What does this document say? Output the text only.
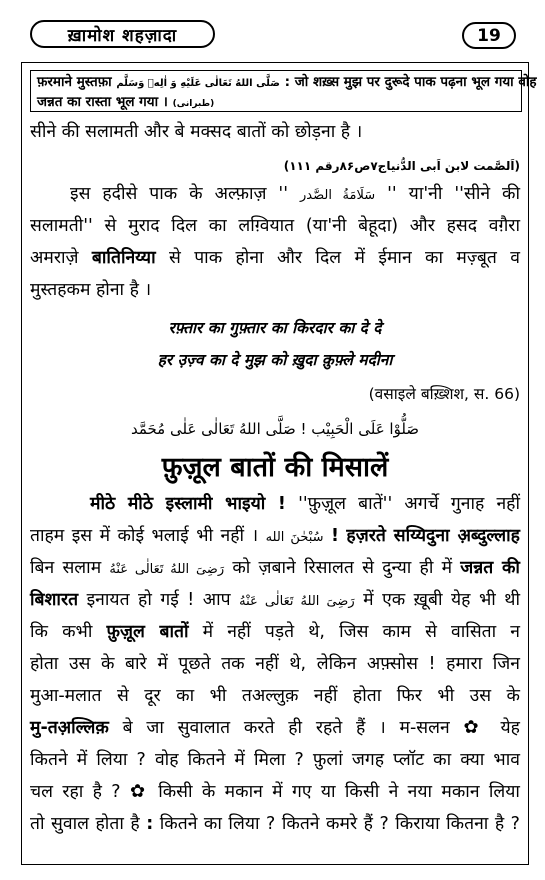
ख़ामोश शहज़ादा	19
फ़रमाने मुस्तफ़ा صَلَّى اللهُ تَعَالٰی عَلَیْهِ وَ اٰلِهٖ وَسَلَّم : जो शख़्स मुझ पर दुरूदे पाक पढ़ना भूल गया वोह
जन्नत का रास्ता भूल गया । (طبرانی)
सीने की सलामती और बे मक्सद बातों को छोड़ना है ।
(اَلصَّمت لابن اَبی الدُّنیاج۷ص۸۶رقم ۱۱۱)
इस हदीसे पाक के अल्फ़ाज़ '' سَلَامَةُ الصَّدر '' या'नी ''सीने की
सलामती'' से मुराद दिल का लग़्वियात (या'नी बेहूदा) और हसद वग़ैरा
अमराज़े बातिनिय्या से पाक होना और दिल में ईमान का मज़्बूत व
मुस्तहकम होना है ।
रफ़्तार का गुफ़्तार का किरदार का दे दे
हर उ़ज़्व का दे मुझ को ख़ुदा क़ुफ़्ले मदीना
(वसाइले बख़्शिश, स. 66)
صَلُّوْا عَلَی الْحَبِیْب ! صَلَّی اللهُ تَعَالٰی عَلٰی مُحَمَّد
फ़ुज़ूल बातों की मिसालें
मीठे मीठे इस्लामी भाइयो ! ''फ़ुज़ूल बातें'' अगर्चे गुनाह नहीं
ताहम इस में कोई भलाई भी नहीं । سُبْحٰنَ الله ! हज़रते सय्यिदुना अ़ब्दुल्लाह
बिन सलाम رَضِیَ اللهُ تَعَالٰی عَنْهُ को ज़बाने रिसालत से दुन्या ही में जन्नत की
बिशारत इनायत हो गई ! आप رَضِیَ اللهُ تَعَالٰی عَنْهُ में एक ख़ूबी येह भी थी
कि कभी फ़ुज़ूल बातों में नहीं पड़ते थे, जिस काम से वासिता न
होता उस के बारे में पूछते तक नहीं थे, लेकिन अफ़्सोस ! हमारा जिन
मुआ-मलात से दूर का भी तअल्लुक़ नहीं होता फिर भी उस के
मु-तअ़ल्लिक़ बे जा सुवालात करते ही रहते हैं । म-सलन ✿ येह
कितने में लिया ? वोह कितने में मिला ? फ़ुलां जगह प्लॉट का क्या भाव
चल रहा है ? ✿ किसी के मकान में गए या किसी ने नया मकान लिया
तो सुवाल होता है : कितने का लिया ? कितने कमरे हैं ? किराया कितना है ?
